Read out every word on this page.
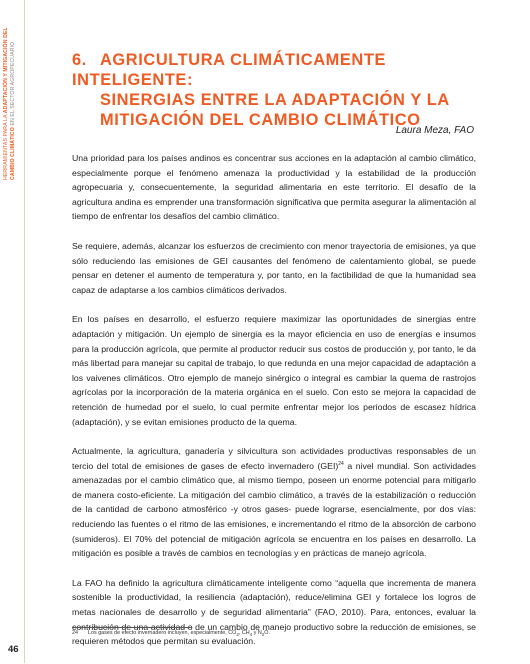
HERRAMIENTAS PARA LA ADAPTACIÓN Y MITIGACIÓN DEL
CAMBIO CLIMÁTICO EN EL SECTOR AGROPECUARIO	6. AGRICULTURA CLIMÁTICAMENTE INTELIGENTE:
SINERGIAS ENTRE LA ADAPTACIÓN Y LA
MITIGACIÓN DEL CAMBIO CLIMÁTICO
Laura Meza, FAO

Una prioridad para los países andinos es concentrar sus acciones en la adaptación al cambio climático, especialmente porque el fenómeno amenaza la productividad y la estabilidad de la producción agropecuaria y, consecuentemente, la seguridad alimentaria en este territorio. El desafío de la agricultura andina es emprender una transformación significativa que permita asegurar la alimentación al tiempo de enfrentar los desafíos del cambio climático.

Se requiere, además, alcanzar los esfuerzos de crecimiento con menor trayectoria de emisiones, ya que sólo reduciendo las emisiones de GEI causantes del fenómeno de calentamiento global, se puede pensar en detener el aumento de temperatura y, por tanto, en la factibilidad de que la humanidad sea capaz de adaptarse a los cambios climáticos derivados.

En los países en desarrollo, el esfuerzo requiere maximizar las oportunidades de sinergias entre adaptación y mitigación. Un ejemplo de sinergia es la mayor eficiencia en uso de energías e insumos para la producción agrícola, que permite al productor reducir sus costos de producción y, por tanto, le da más libertad para manejar su capital de trabajo, lo que redunda en una mejor capacidad de adaptación a los vaivenes climáticos. Otro ejemplo de manejo sinérgico o integral es cambiar la quema de rastrojos agrícolas por la incorporación de la materia orgánica en el suelo. Con esto se mejora la capacidad de retención de humedad por el suelo, lo cual permite enfrentar mejor los periodos de escasez hídrica (adaptación), y se evitan emisiones producto de la quema.

Actualmente, la agricultura, ganadería y silvicultura son actividades productivas responsables de un tercio del total de emisiones de gases de efecto invernadero (GEI)$^{24}$ a nivel mundial. Son actividades amenazadas por el cambio climático que, al mismo tiempo, poseen un enorme potencial para mitigarlo de manera costo-eficiente. La mitigación del cambio climático, a través de la estabilización o reducción de la cantidad de carbono atmosférico -y otros gases- puede lograrse, esencialmente, por dos vías: reduciendo las fuentes o el ritmo de las emisiones, e incrementando el ritmo de la absorción de carbono (sumideros). El 70% del potencial de mitigación agrícola se encuentra en los países en desarrollo. La mitigación es posible a través de cambios en tecnologías y en prácticas de manejo agrícola.

La FAO ha definido la agricultura climáticamente inteligente como “aquella que incrementa de manera sostenible la productividad, la resiliencia (adaptación), reduce/elimina GEI y fortalece los logros de metas nacionales de desarrollo y de seguridad alimentaria” (FAO, 2010). Para, entonces, evaluar la contribución de una actividad o de un cambio de manejo productivo sobre la reducción de emisiones, se requieren métodos que permitan su evaluación.

24 Los gases de efecto invernadero incluyen, especialmente, $CO_2$, $CH_4$ y $N_2O$.
46
